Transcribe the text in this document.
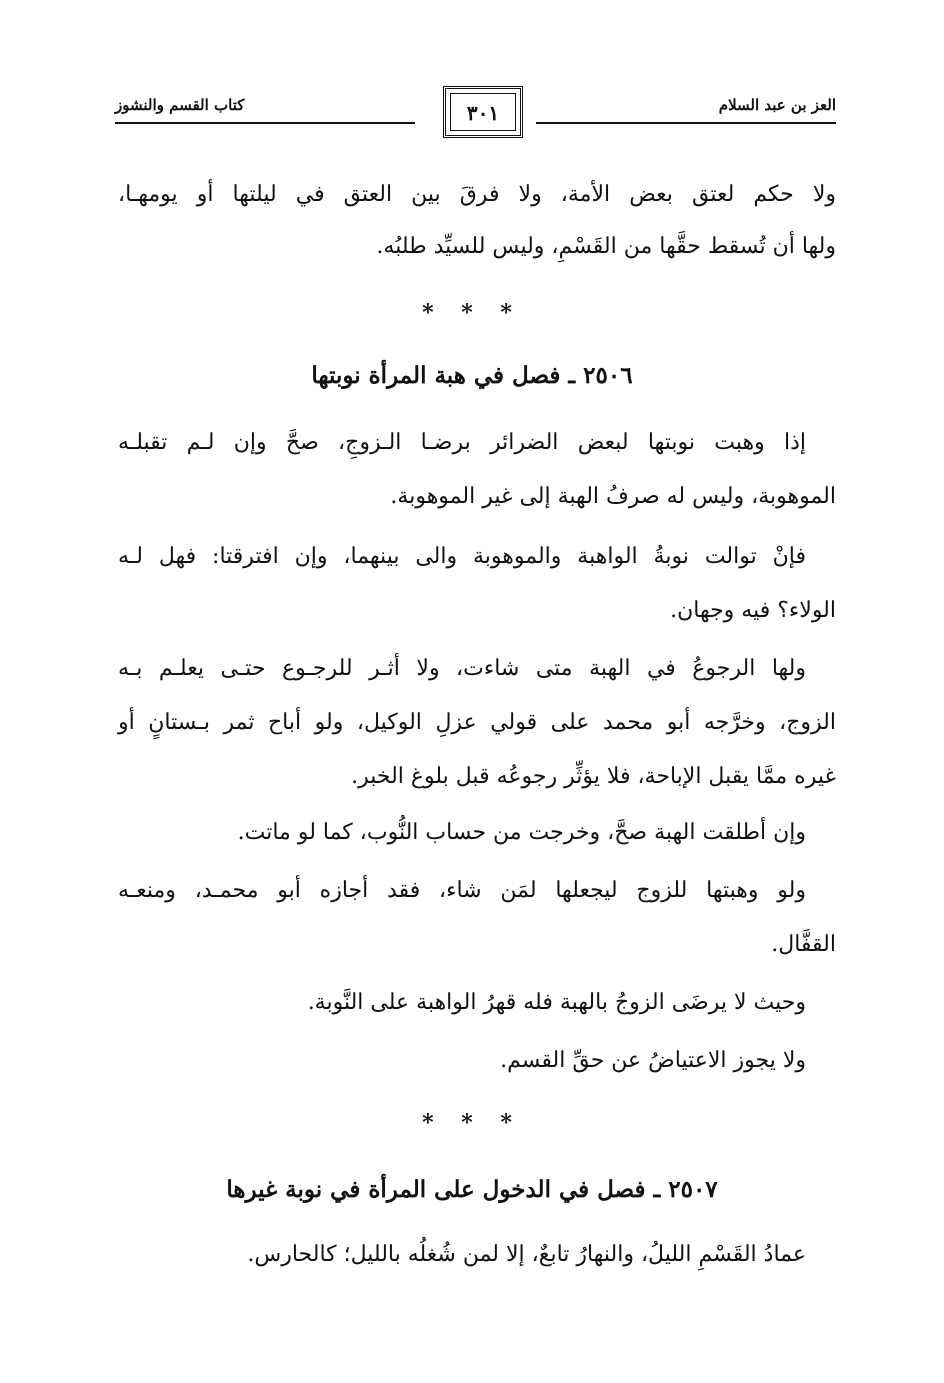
العز بن عبد السلام
كتاب القسم والنشوز	٣٠١
ولا حكم لعتق بعض الأمة، ولا فرقَ بين العتق في ليلتها أو يومهـا،
ولها أن تُسقط حقَّها من القَسْمِ، وليس للسيِّد طلبُه.
* * *
٢٥٠٦ ـ فصل في هبة المرأة نوبتها
إذا وهبت نوبتها لبعض الضرائر برضـا الـزوجِ، صحَّ وإن لـم تقبلـه
الموهوبة، وليس له صرفُ الهبة إلى غير الموهوبة.
فإنْ توالت نوبةُ الواهبة والموهوبة والى بينهما، وإن افترقتا: فهل لـه
الولاء؟ فيه وجهان.
ولها الرجوعُ في الهبة متى شاءت، ولا أثـر للرجـوع حتـى يعلـم بـه
الزوج، وخرَّجه أبو محمد على قولي عزلِ الوكيل، ولو أباح ثمر بـستانٍ أو
غيره ممَّا يقبل الإباحة، فلا يؤثِّر رجوعُه قبل بلوغ الخبر.
وإن أطلقت الهبة صحَّ، وخرجت من حساب النُّوب، كما لو ماتت.
ولو وهبتها للزوج ليجعلها لمَن شاء، فقد أجازه أبو محمـد، ومنعـه
القفَّال.
وحيث لا يرضَى الزوجُ بالهبة فله قهرُ الواهبة على النَّوبة.
ولا يجوز الاعتياضُ عن حقِّ القسم.
* * *
٢٥٠٧ ـ فصل في الدخول على المرأة في نوبة غيرها
عمادُ القَسْمِ الليلُ، والنهارُ تابعٌ، إلا لمن شُغلُه بالليل؛ كالحارس.
